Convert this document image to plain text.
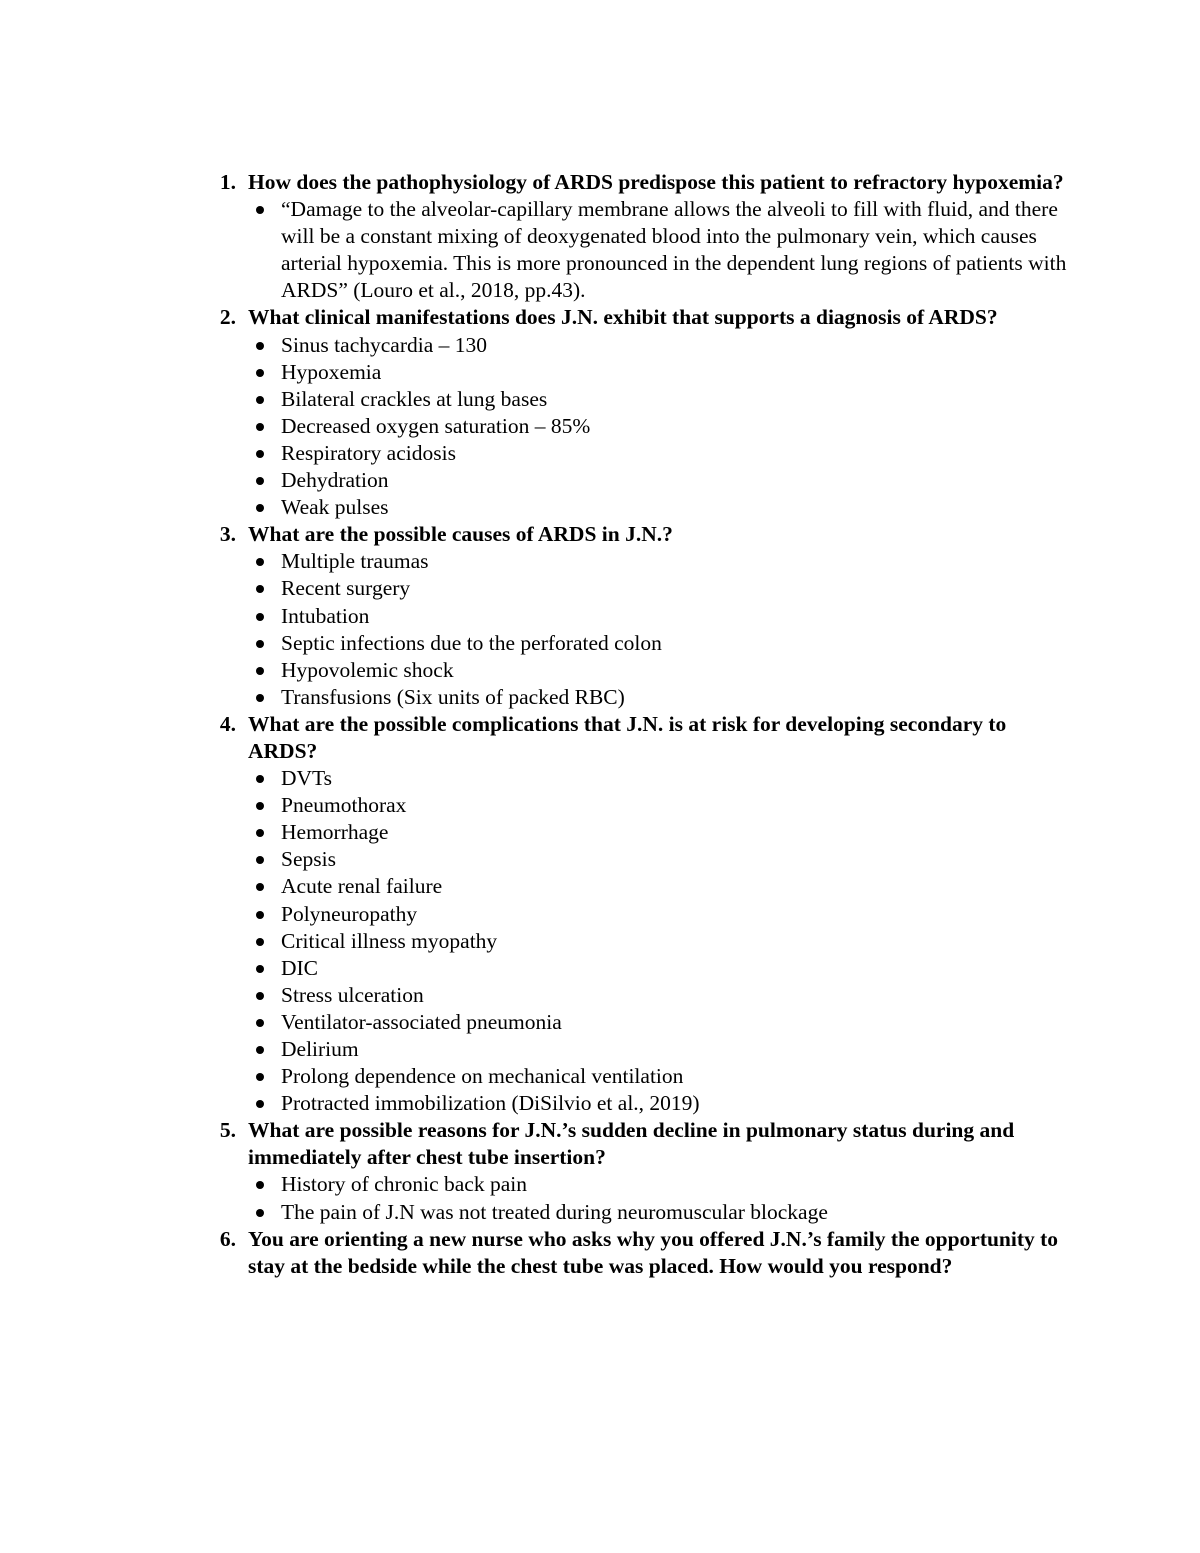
1. How does the pathophysiology of ARDS predispose this patient to refractory hypoxemia?
“Damage to the alveolar-capillary membrane allows the alveoli to fill with fluid, and there will be a constant mixing of deoxygenated blood into the pulmonary vein, which causes arterial hypoxemia. This is more pronounced in the dependent lung regions of patients with ARDS” (Louro et al., 2018, pp.43).
2. What clinical manifestations does J.N. exhibit that supports a diagnosis of ARDS?
Sinus tachycardia – 130
Hypoxemia
Bilateral crackles at lung bases
Decreased oxygen saturation – 85%
Respiratory acidosis
Dehydration
Weak pulses
3. What are the possible causes of ARDS in J.N.?
Multiple traumas
Recent surgery
Intubation
Septic infections due to the perforated colon
Hypovolemic shock
Transfusions (Six units of packed RBC)
4. What are the possible complications that J.N. is at risk for developing secondary to ARDS?
DVTs
Pneumothorax
Hemorrhage
Sepsis
Acute renal failure
Polyneuropathy
Critical illness myopathy
DIC
Stress ulceration
Ventilator-associated pneumonia
Delirium
Prolong dependence on mechanical ventilation
Protracted immobilization (DiSilvio et al., 2019)
5. What are possible reasons for J.N.’s sudden decline in pulmonary status during and immediately after chest tube insertion?
History of chronic back pain
The pain of J.N was not treated during neuromuscular blockage
6. You are orienting a new nurse who asks why you offered J.N.’s family the opportunity to stay at the bedside while the chest tube was placed. How would you respond?
